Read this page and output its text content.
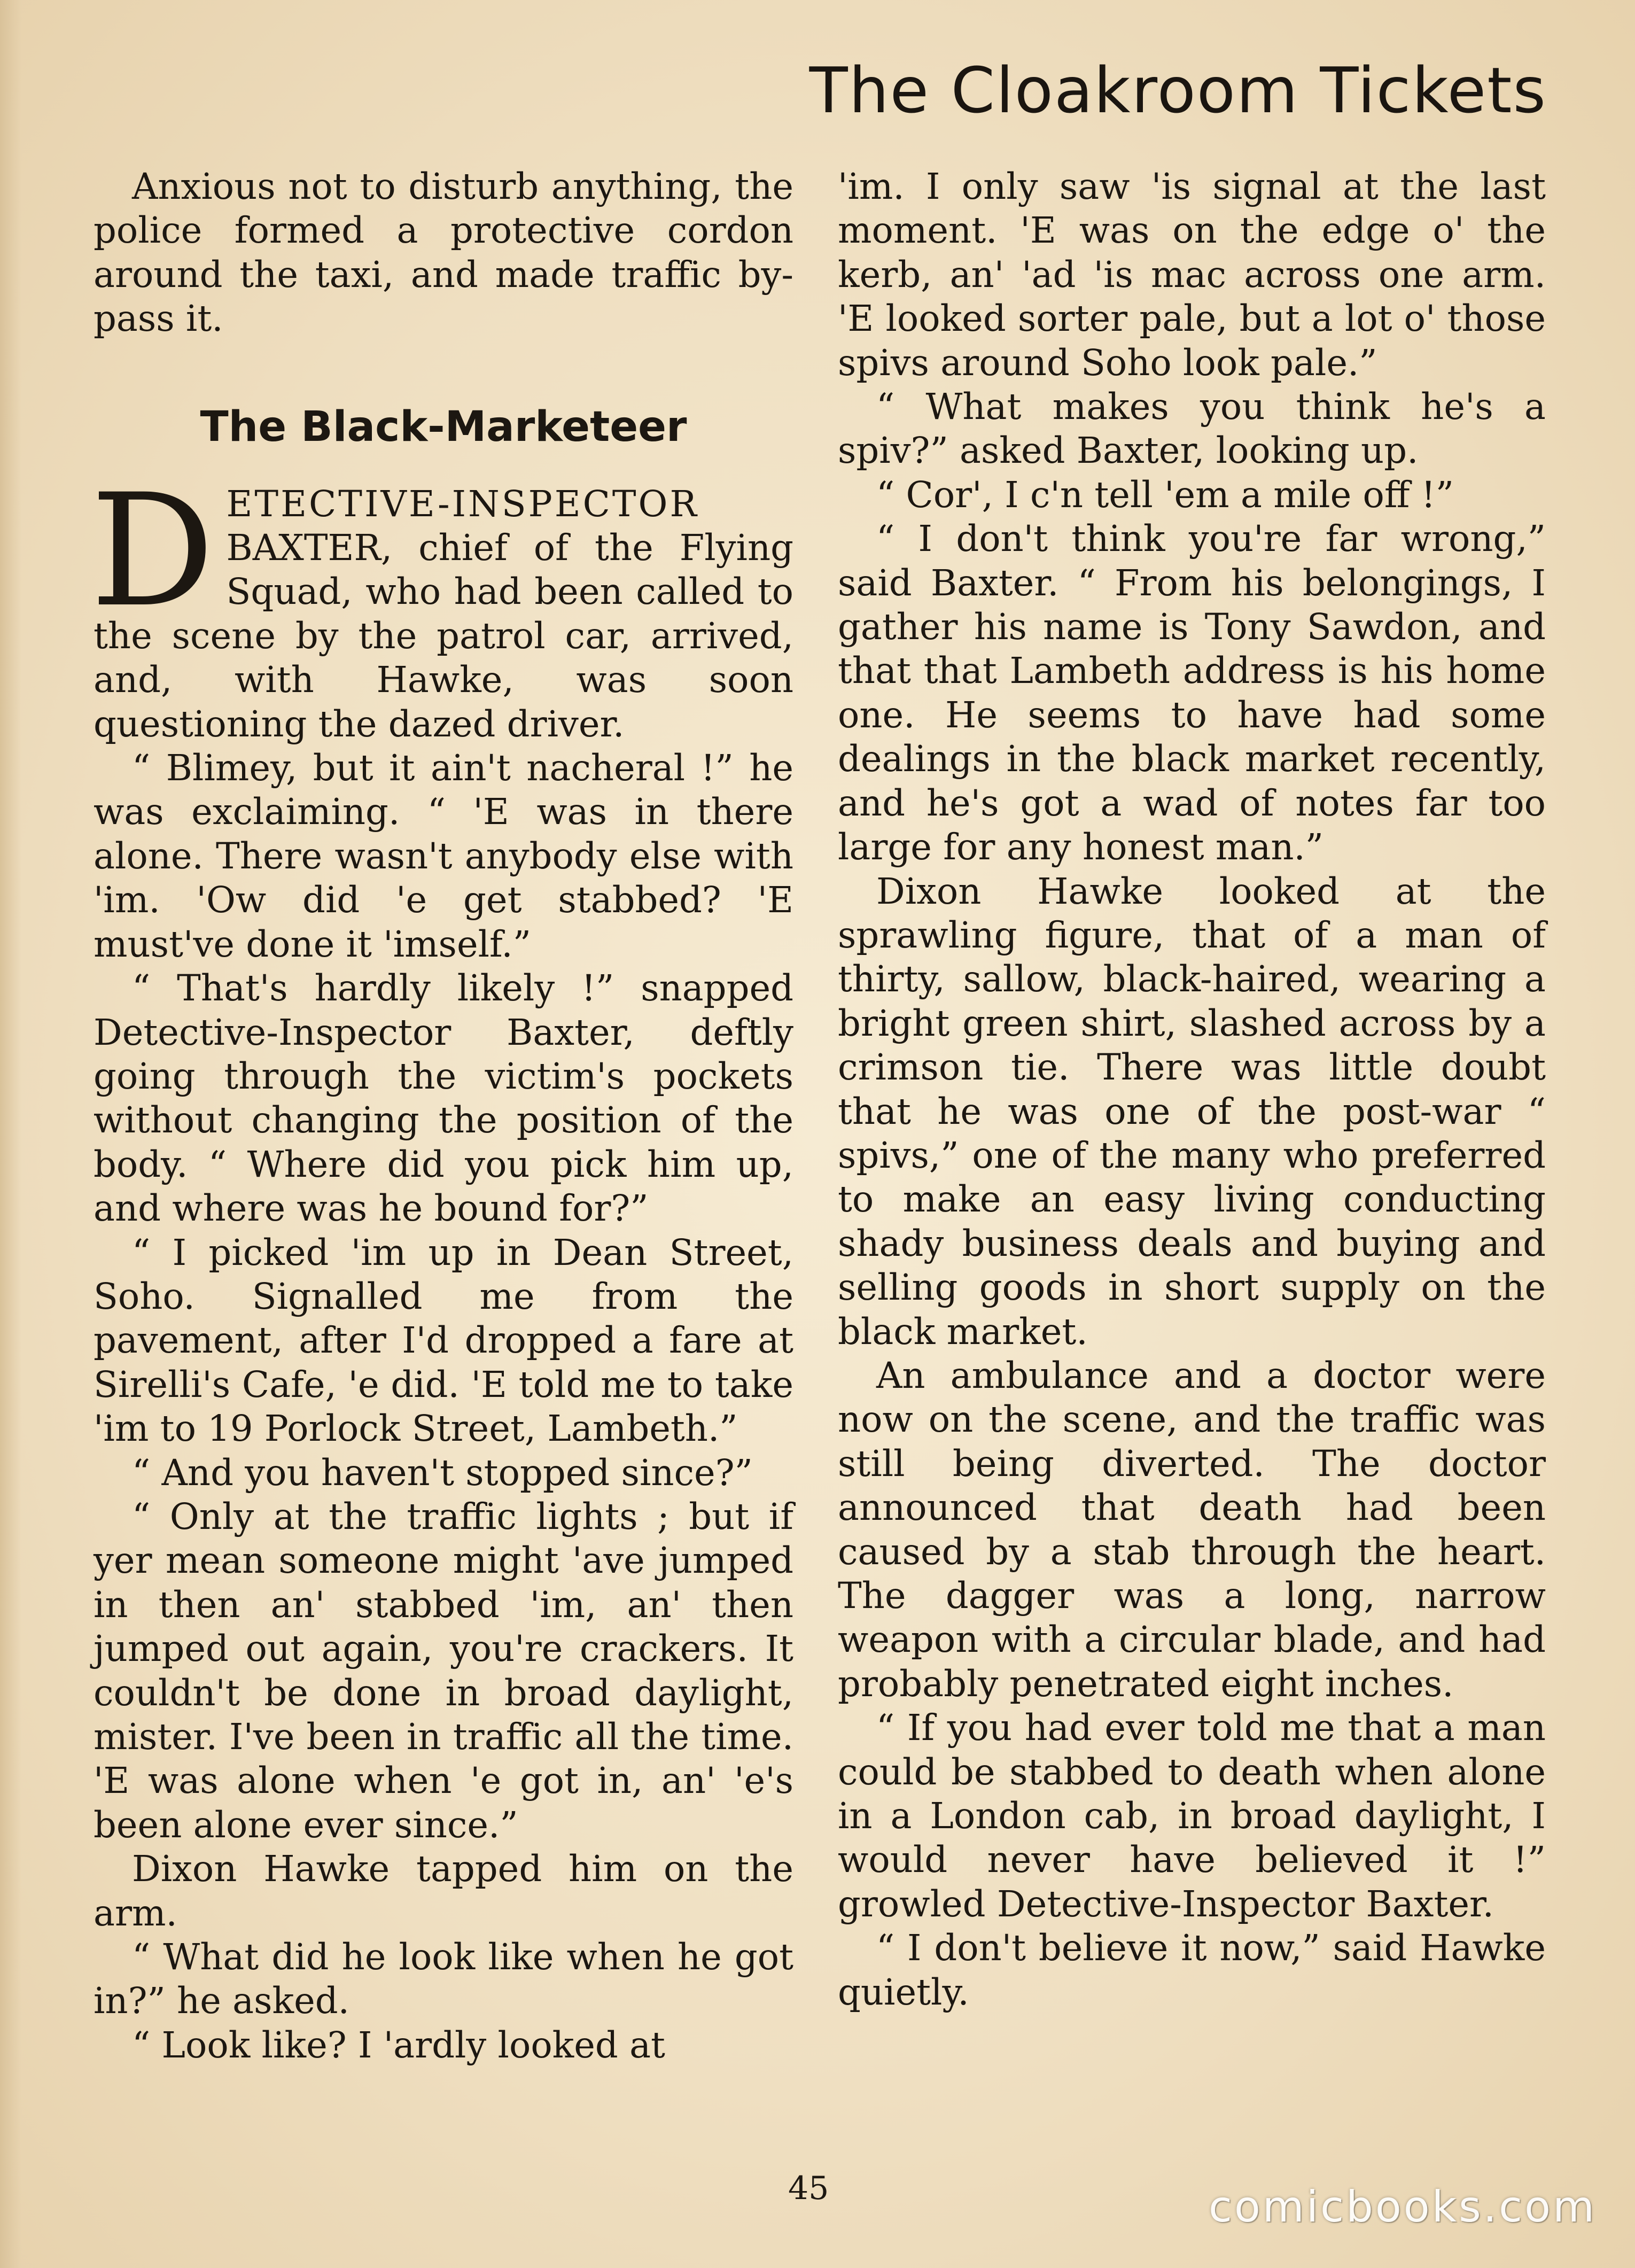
The Cloakroom Tickets

Anxious not to disturb anything, the police formed a protective cordon around the taxi, and made traffic by-pass it.

The Black-Marketeer

DETECTIVE-INSPECTOR BAXTER, chief of the Flying Squad, who had been called to the scene by the patrol car, arrived, and, with Hawke, was soon questioning the dazed driver.

“ Blimey, but it ain't nacheral !” he was exclaiming. “ 'E was in there alone. There wasn't anybody else with 'im. 'Ow did 'e get stabbed? 'E must've done it 'imself.”

“ That's hardly likely !” snapped Detective-Inspector Baxter, deftly going through the victim's pockets without changing the position of the body. “ Where did you pick him up, and where was he bound for?”

“ I picked 'im up in Dean Street, Soho. Signalled me from the pavement, after I'd dropped a fare at Sirelli's Cafe, 'e did. 'E told me to take 'im to 19 Porlock Street, Lambeth.”

“ And you haven't stopped since?”

“ Only at the traffic lights ; but if yer mean someone might 'ave jumped in then an' stabbed 'im, an' then jumped out again, you're crackers. It couldn't be done in broad daylight, mister. I've been in traffic all the time. 'E was alone when 'e got in, an' 'e's been alone ever since.”

Dixon Hawke tapped him on the arm.

“ What did he look like when he got in?” he asked.

“ Look like? I 'ardly looked at

'im. I only saw 'is signal at the last moment. 'E was on the edge o' the kerb, an' 'ad 'is mac across one arm. 'E looked sorter pale, but a lot o' those spivs around Soho look pale.”

“ What makes you think he's a spiv?” asked Baxter, looking up.

“ Cor', I c'n tell 'em a mile off !”

“ I don't think you're far wrong,” said Baxter. “ From his belongings, I gather his name is Tony Sawdon, and that that Lambeth address is his home one. He seems to have had some dealings in the black market recently, and he's got a wad of notes far too large for any honest man.”

Dixon Hawke looked at the sprawling figure, that of a man of thirty, sallow, black-haired, wearing a bright green shirt, slashed across by a crimson tie. There was little doubt that he was one of the post-war “ spivs,” one of the many who preferred to make an easy living conducting shady business deals and buying and selling goods in short supply on the black market.

An ambulance and a doctor were now on the scene, and the traffic was still being diverted. The doctor announced that death had been caused by a stab through the heart. The dagger was a long, narrow weapon with a circular blade, and had probably penetrated eight inches.

“ If you had ever told me that a man could be stabbed to death when alone in a London cab, in broad daylight, I would never have believed it !” growled Detective-Inspector Baxter.

“ I don't believe it now,” said Hawke quietly.

45	comicbooks.com
